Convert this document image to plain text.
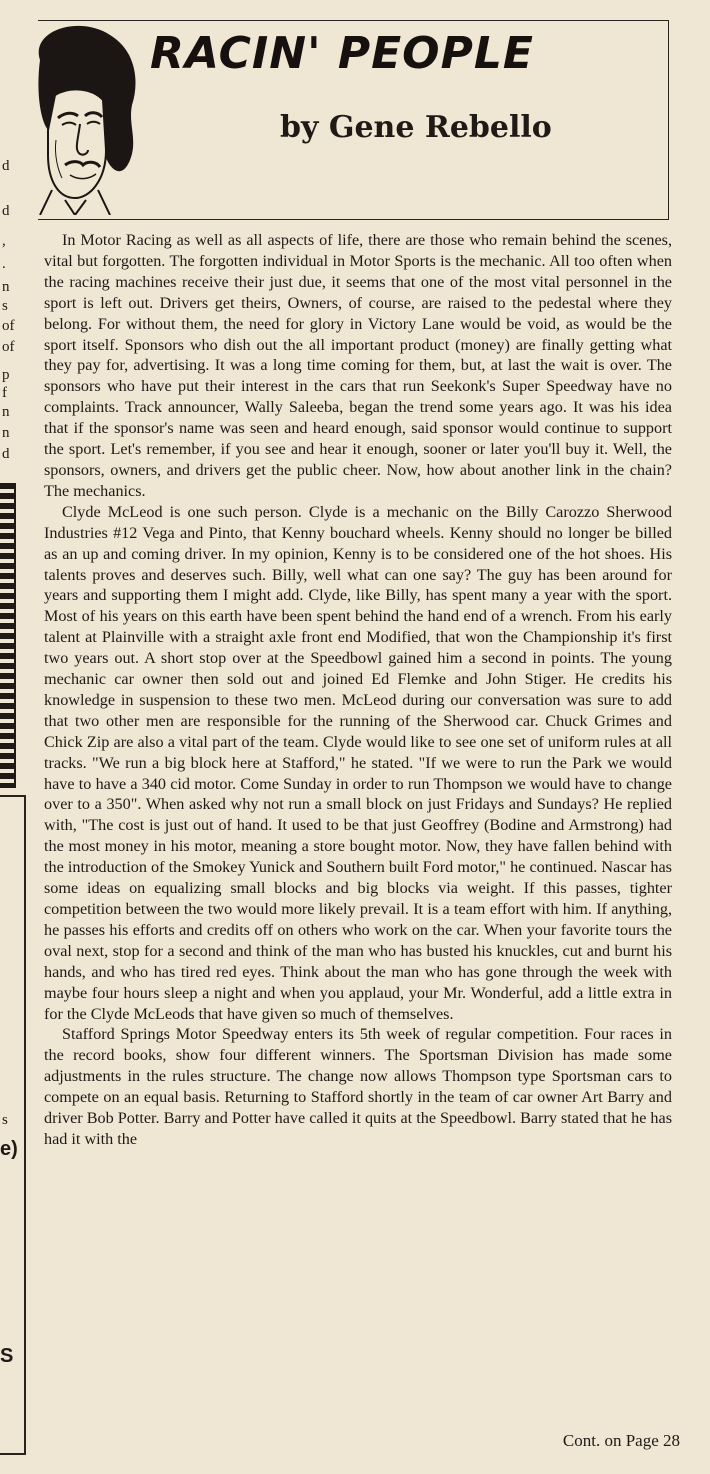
d
d
,
.
n
s
of
of
p
f
n
n
d
s
e)
S
RACIN' PEOPLE
by Gene Rebello

In Motor Racing as well as all aspects of life, there are those who remain behind the scenes, vital but forgotten. The forgotten individual in Motor Sports is the mechanic. All too often when the racing machines receive their just due, it seems that one of the most vital personnel in the sport is left out. Drivers get theirs, Owners, of course, are raised to the pedestal where they belong. For without them, the need for glory in Victory Lane would be void, as would be the sport itself. Sponsors who dish out the all important product (money) are finally getting what they pay for, advertising. It was a long time coming for them, but, at last the wait is over. The sponsors who have put their interest in the cars that run Seekonk's Super Speedway have no complaints. Track announcer, Wally Saleeba, began the trend some years ago. It was his idea that if the sponsor's name was seen and heard enough, said sponsor would continue to support the sport. Let's remember, if you see and hear it enough, sooner or later you'll buy it. Well, the sponsors, owners, and drivers get the public cheer. Now, how about another link in the chain? The mechanics.

Clyde McLeod is one such person. Clyde is a mechanic on the Billy Carozzo Sherwood Industries #12 Vega and Pinto, that Kenny bouchard wheels. Kenny should no longer be billed as an up and coming driver. In my opinion, Kenny is to be considered one of the hot shoes. His talents proves and deserves such. Billy, well what can one say? The guy has been around for years and supporting them I might add. Clyde, like Billy, has spent many a year with the sport. Most of his years on this earth have been spent behind the hand end of a wrench. From his early talent at Plainville with a straight axle front end Modified, that won the Championship it's first two years out. A short stop over at the Speedbowl gained him a second in points. The young mechanic car owner then sold out and joined Ed Flemke and John Stiger. He credits his knowledge in suspension to these two men. McLeod during our conversation was sure to add that two other men are responsible for the running of the Sherwood car. Chuck Grimes and Chick Zip are also a vital part of the team. Clyde would like to see one set of uniform rules at all tracks. "We run a big block here at Stafford," he stated. "If we were to run the Park we would have to have a 340 cid motor. Come Sunday in order to run Thompson we would have to change over to a 350". When asked why not run a small block on just Fridays and Sundays? He replied with, "The cost is just out of hand. It used to be that just Geoffrey (Bodine and Armstrong) had the most money in his motor, meaning a store bought motor. Now, they have fallen behind with the introduction of the Smokey Yunick and Southern built Ford motor," he continued. Nascar has some ideas on equalizing small blocks and big blocks via weight. If this passes, tighter competition between the two would more likely prevail. It is a team effort with him. If anything, he passes his efforts and credits off on others who work on the car. When your favorite tours the oval next, stop for a second and think of the man who has busted his knuckles, cut and burnt his hands, and who has tired red eyes. Think about the man who has gone through the week with maybe four hours sleep a night and when you applaud, your Mr. Wonderful, add a little extra in for the Clyde McLeods that have given so much of themselves.

Stafford Springs Motor Speedway enters its 5th week of regular competition. Four races in the record books, show four different winners. The Sportsman Division has made some adjustments in the rules structure. The change now allows Thompson type Sportsman cars to compete on an equal basis. Returning to Stafford shortly in the team of car owner Art Barry and driver Bob Potter. Barry and Potter have called it quits at the Speedbowl. Barry stated that he has had it with the

Cont. on Page 28
